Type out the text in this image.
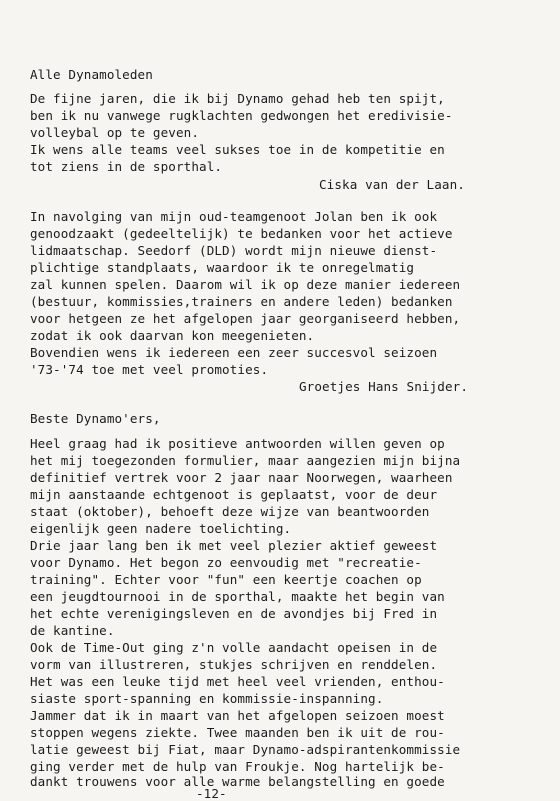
Alle Dynamoleden
De fijne jaren, die ik bij Dynamo gehad heb ten spijt,
ben ik nu vanwege rugklachten gedwongen het eredivisie-
volleybal op te geven.
Ik wens alle teams veel sukses toe in de kompetitie en
tot ziens in de sporthal.
Ciska van der Laan.
In navolging van mijn oud-teamgenoot Jolan ben ik ook
genoodzaakt (gedeeltelijk) te bedanken voor het actieve
lidmaatschap. Seedorf (DLD) wordt mijn nieuwe dienst-
plichtige standplaats, waardoor ik te onregelmatig
zal kunnen spelen. Daarom wil ik op deze manier iedereen
(bestuur, kommissies,trainers en andere leden) bedanken
voor hetgeen ze het afgelopen jaar georganiseerd hebben,
zodat ik ook daarvan kon meegenieten.
Bovendien wens ik iedereen een zeer succesvol seizoen
'73-'74 toe met veel promoties.
Groetjes Hans Snijder.
Beste Dynamo'ers,
Heel graag had ik positieve antwoorden willen geven op
het mij toegezonden formulier, maar aangezien mijn bijna
definitief vertrek voor 2 jaar naar Noorwegen, waarheen
mijn aanstaande echtgenoot is geplaatst, voor de deur
staat (oktober), behoeft deze wijze van beantwoorden
eigenlijk geen nadere toelichting.
Drie jaar lang ben ik met veel plezier aktief geweest
voor Dynamo. Het begon zo eenvoudig met "recreatie-
training". Echter voor "fun" een keertje coachen op
een jeugdtournooi in de sporthal, maakte het begin van
het echte verenigingsleven en de avondjes bij Fred in
de kantine.
Ook de Time-Out ging z'n volle aandacht opeisen in de
vorm van illustreren, stukjes schrijven en renddelen.
Het was een leuke tijd met heel veel vrienden, enthou-
siaste sport-spanning en kommissie-inspanning.
Jammer dat ik in maart van het afgelopen seizoen moest
stoppen wegens ziekte. Twee maanden ben ik uit de rou-
latie geweest bij Fiat, maar Dynamo-adspirantenkommissie
ging verder met de hulp van Froukje. Nog hartelijk be-
dankt trouwens voor alle warme belangstelling en goede
-12-
